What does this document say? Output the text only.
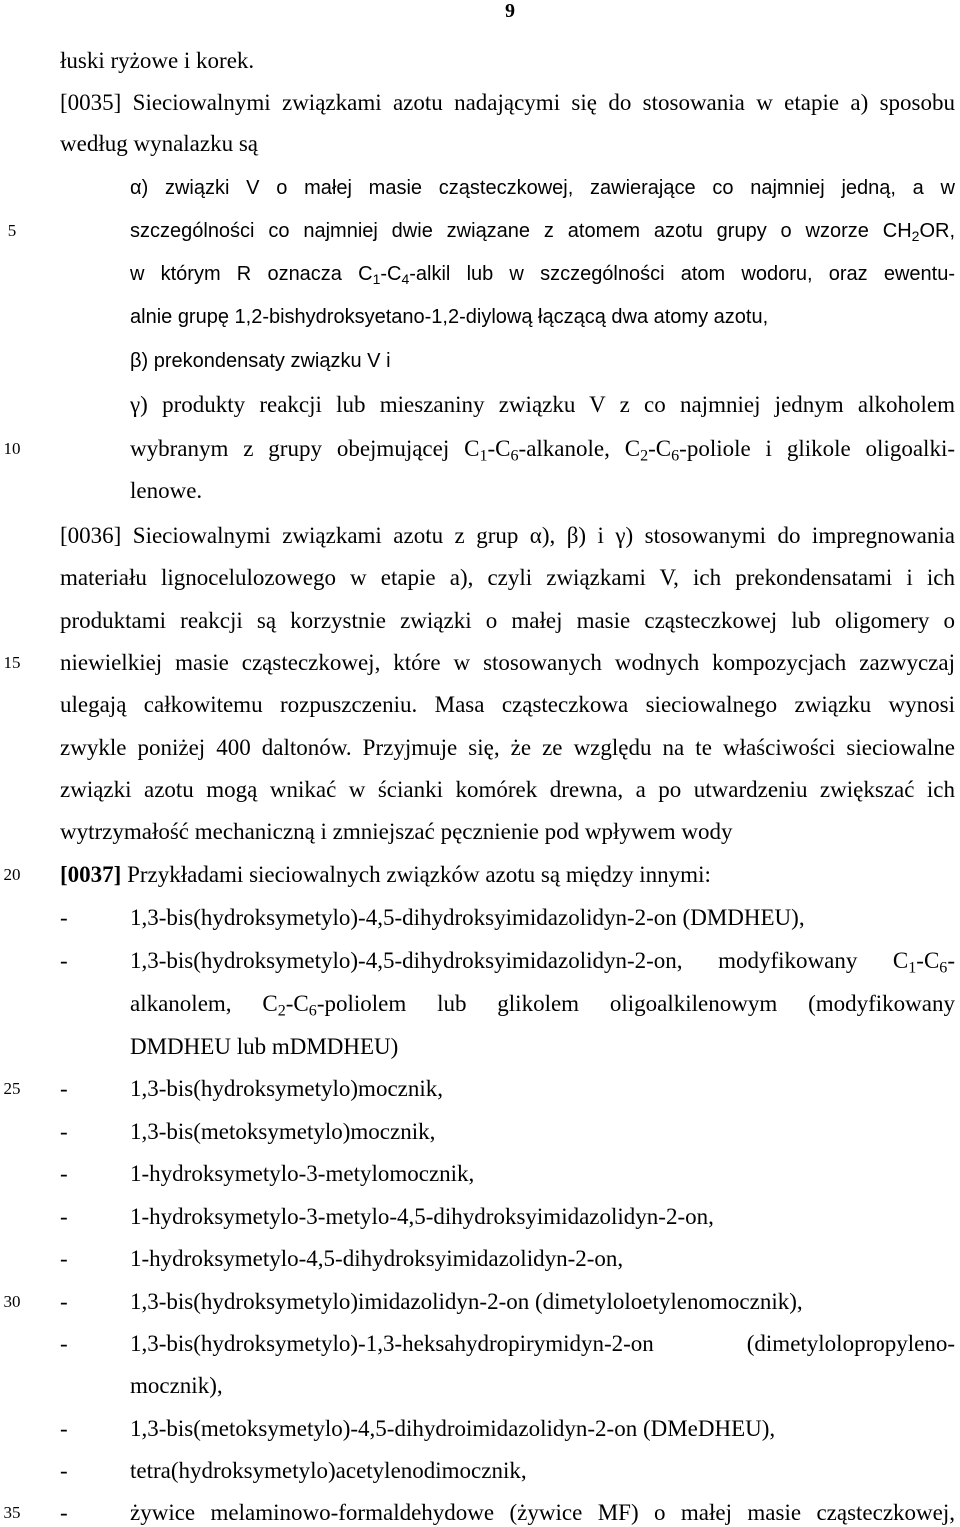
9
5
10
15
20
25
30
35
łuski ryżowe i korek.
[0035] Sieciowalnymi związkami azotu nadającymi się do stosowania w etapie a) sposobu
według wynalazku są
α) związki V o małej masie cząsteczkowej, zawierające co najmniej jedną, a w
szczególności co najmniej dwie związane z atomem azotu grupy o wzorze $CH_2OR$,
w którym R oznacza $C_1-C_4$-alkil lub w szczególności atom wodoru, oraz ewentu-
alnie grupę 1,2-bishydroksyetano-1,2-diylową łączącą dwa atomy azotu,
β) prekondensaty związku V i
γ) produkty reakcji lub mieszaniny związku V z co najmniej jednym alkoholem
wybranym z grupy obejmującej $C_1-C_6$-alkanole, $C_2-C_6$-poliole i glikole oligoalki-
lenowe.
[0036] Sieciowalnymi związkami azotu z grup α), β) i γ) stosowanymi do impregnowania
materiału lignocelulozowego w etapie a), czyli związkami V, ich prekondensatami i ich
produktami reakcji są korzystnie związki o małej masie cząsteczkowej lub oligomery o
niewielkiej masie cząsteczkowej, które w stosowanych wodnych kompozycjach zazwyczaj
ulegają całkowitemu rozpuszczeniu. Masa cząsteczkowa sieciowalnego związku wynosi
zwykle poniżej 400 daltonów. Przyjmuje się, że ze względu na te właściwości sieciowalne
związki azotu mogą wnikać w ścianki komórek drewna, a po utwardzeniu zwiększać ich
wytrzymałość mechaniczną i zmniejszać pęcznienie pod wpływem wody
[0037] Przykładami sieciowalnych związków azotu są między innymi:
-	1,3-bis(hydroksymetylo)-4,5-dihydroksyimidazolidyn-2-on (DMDHEU),
-	1,3-bis(hydroksymetylo)-4,5-dihydroksyimidazolidyn-2-on, modyfikowany $C_1-C_6-$
alkanolem, $C_2-C_6$-poliolem lub glikolem oligoalkilenowym (modyfikowany
DMDHEU lub mDMDHEU)
-	1,3-bis(hydroksymetylo)mocznik,
-	1,3-bis(metoksymetylo)mocznik,
-	1-hydroksymetylo-3-metylomocznik,
-	1-hydroksymetylo-3-metylo-4,5-dihydroksyimidazolidyn-2-on,
-	1-hydroksymetylo-4,5-dihydroksyimidazolidyn-2-on,
-	1,3-bis(hydroksymetylo)imidazolidyn-2-on (dimetyloloetylenomocznik),
-	1,3-bis(hydroksymetylo)-1,3-heksahydropirymidyn-2-on (dimetylolopropyleno-
mocznik),
-	1,3-bis(metoksymetylo)-4,5-dihydroimidazolidyn-2-on (DMeDHEU),
-	tetra(hydroksymetylo)acetylenodimocznik,
-	żywice melaminowo-formaldehydowe (żywice MF) o małej masie cząsteczkowej,
